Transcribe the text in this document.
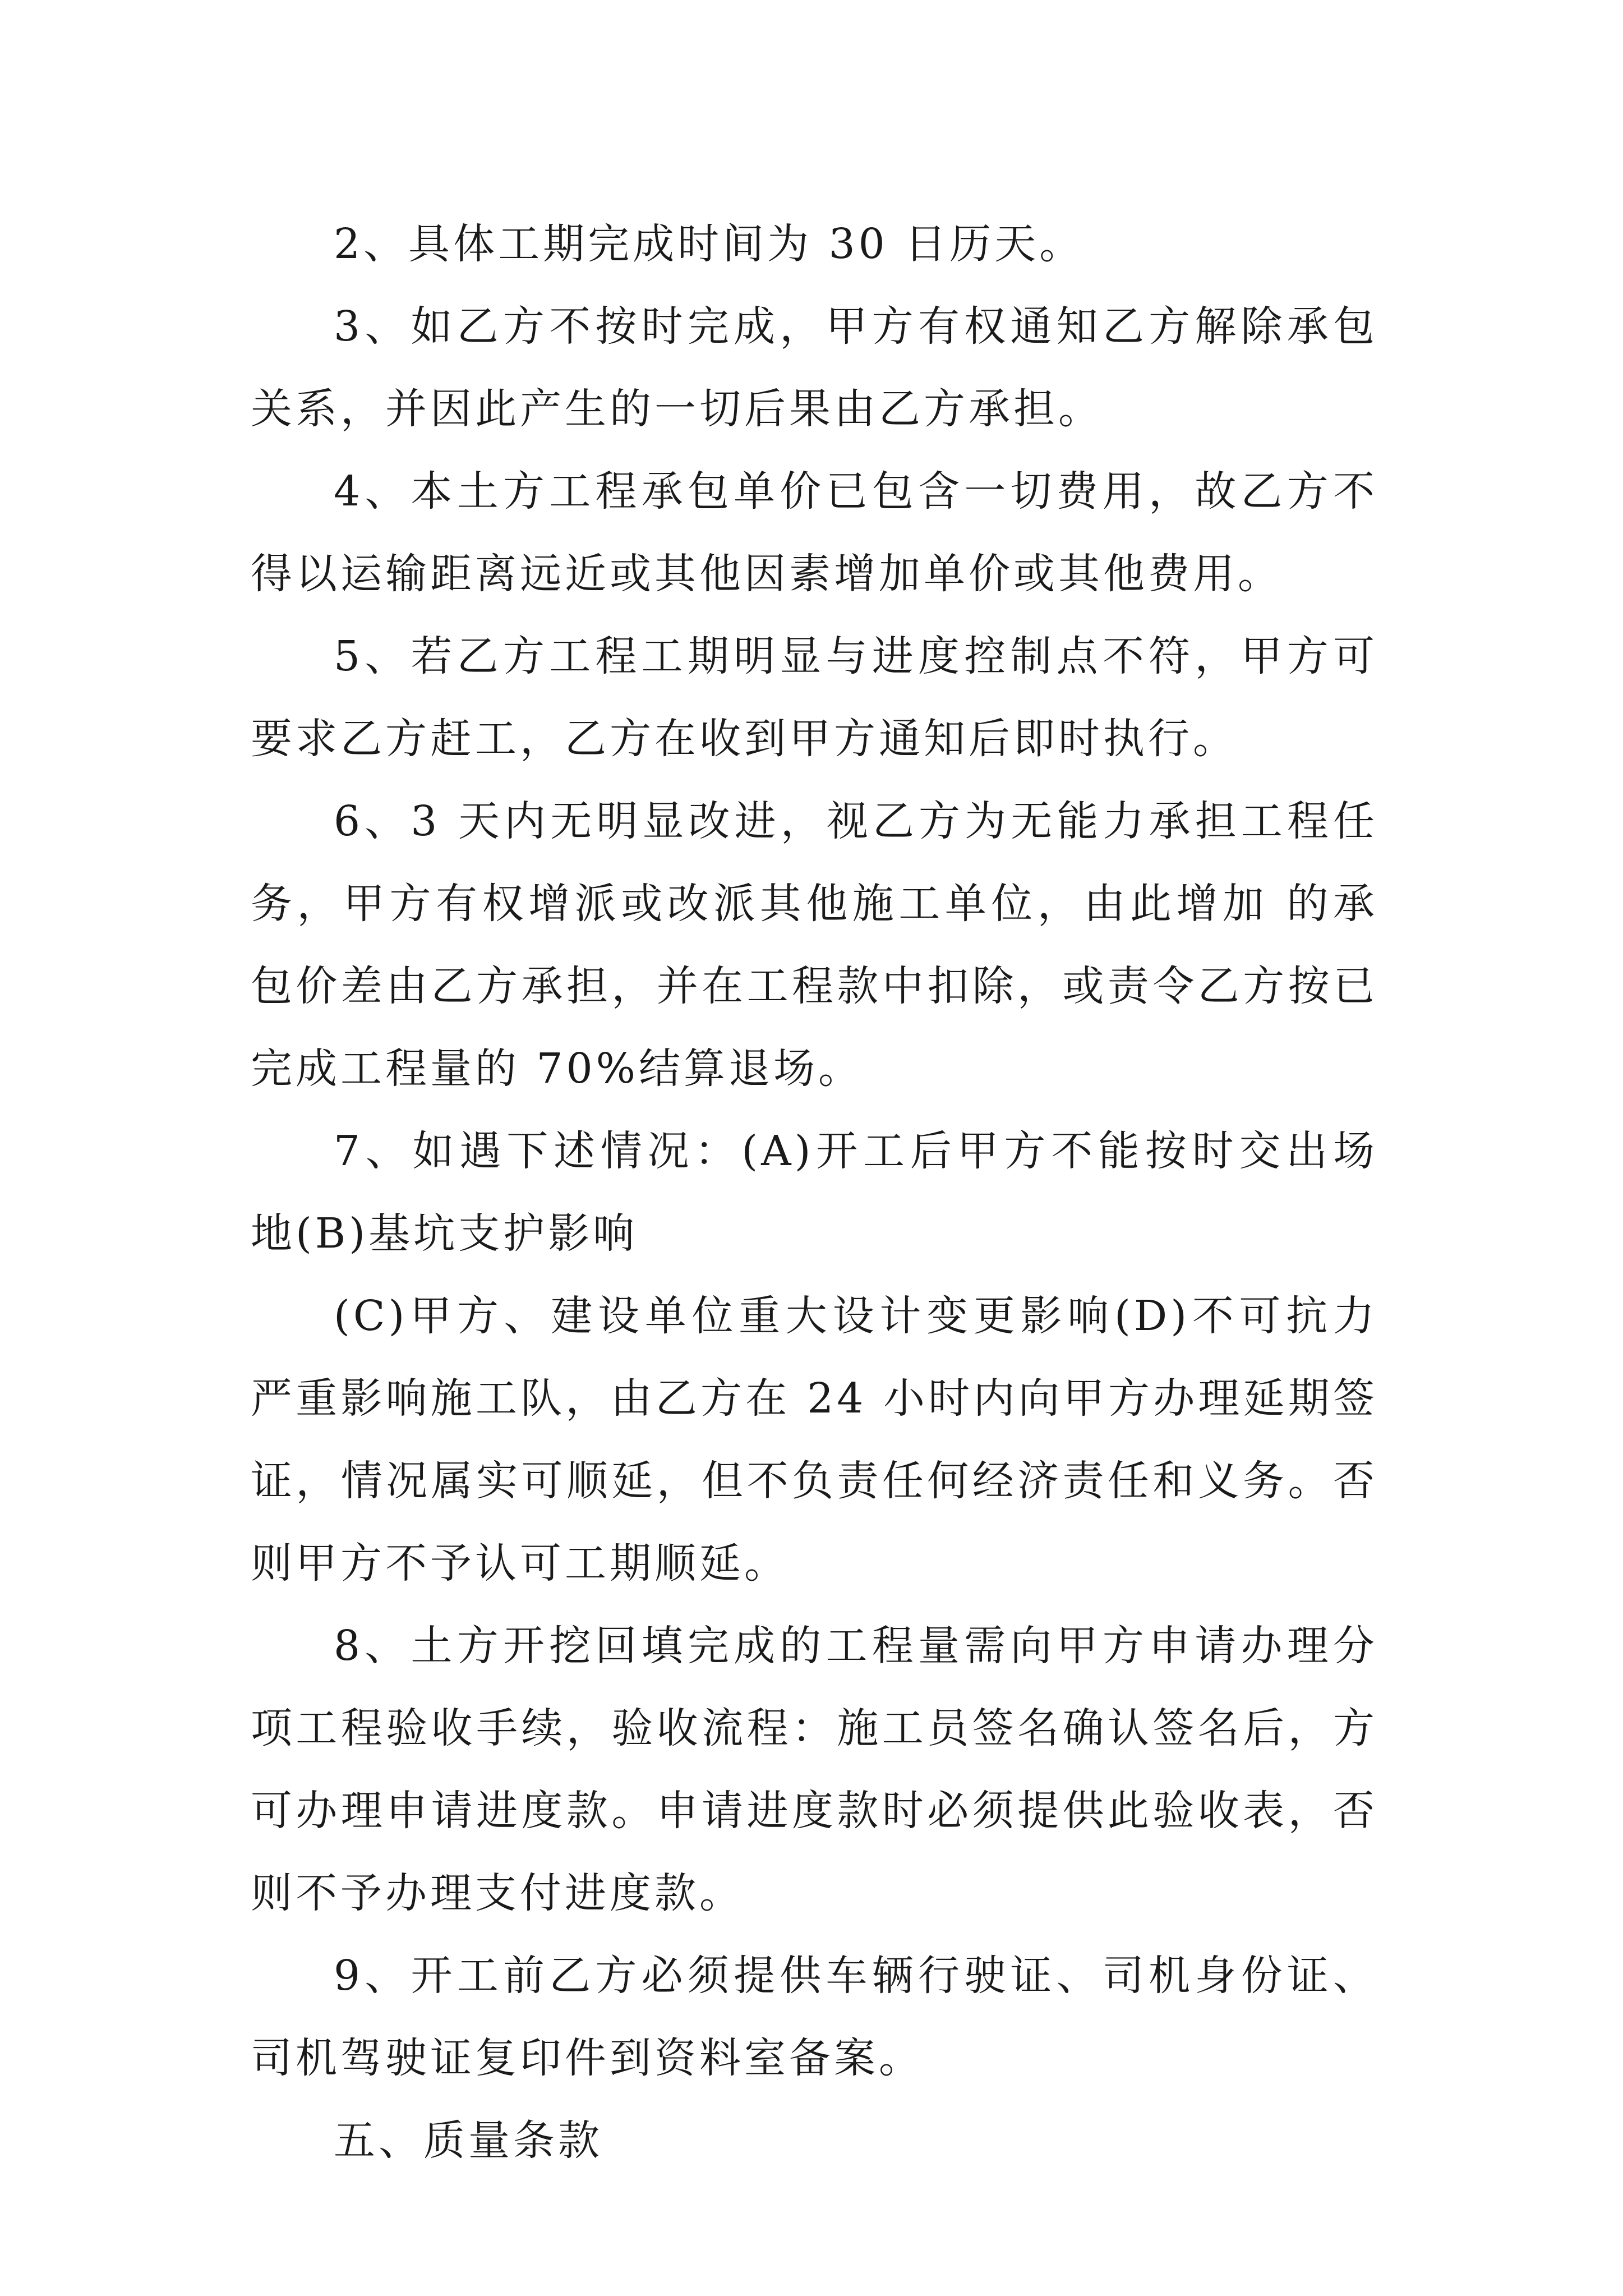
2、具体工期完成时间为 30 日历天。

3、如乙方不按时完成，甲方有权通知乙方解除承包关系，并因此产生的一切后果由乙方承担。

4、本土方工程承包单价已包含一切费用，故乙方不得以运输距离远近或其他因素增加单价或其他费用。

5、若乙方工程工期明显与进度控制点不符，甲方可要求乙方赶工，乙方在收到甲方通知后即时执行。

6、3 天内无明显改进，视乙方为无能力承担工程任务，甲方有权增派或改派其他施工单位，由此增加 的承包价差由乙方承担，并在工程款中扣除，或责令乙方按已完成工程量的 70%结算退场。

7、如遇下述情况：(A)开工后甲方不能按时交出场地(B)基坑支护影响

(C)甲方、建设单位重大设计变更影响(D)不可抗力严重影响施工队，由乙方在 24 小时内向甲方办理延期签证，情况属实可顺延，但不负责任何经济责任和义务。否则甲方不予认可工期顺延。

8、土方开挖回填完成的工程量需向甲方申请办理分项工程验收手续，验收流程：施工员签名确认签名后，方可办理申请进度款。申请进度款时必须提供此验收表，否则不予办理支付进度款。

9、开工前乙方必须提供车辆行驶证、司机身份证、司机驾驶证复印件到资料室备案。

五、质量条款
